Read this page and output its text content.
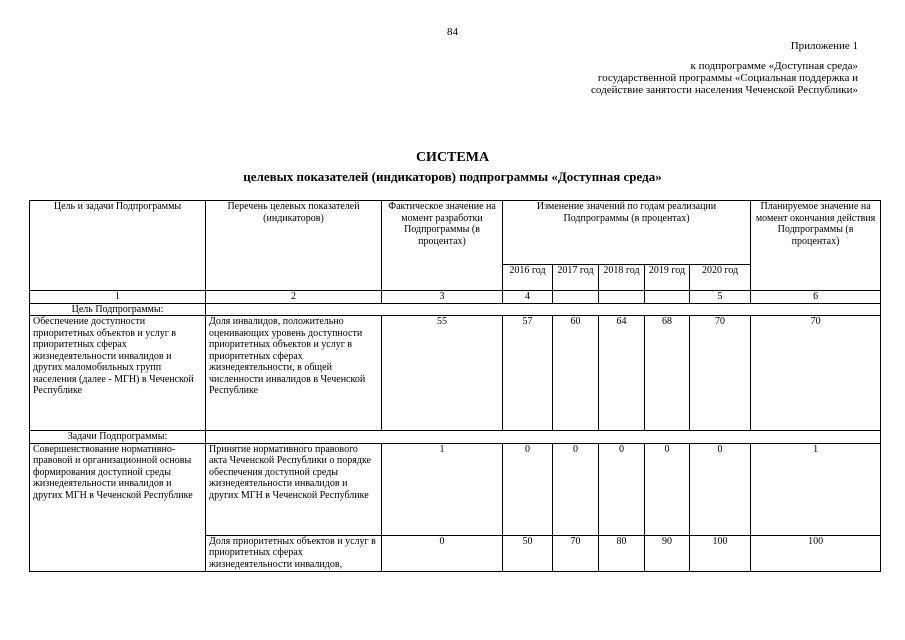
84
Приложение 1
к подпрограмме «Доступная среда»
государственной программы «Социальная поддержка и
содействие занятости населения Чеченской Республики»
СИСТЕМА
целевых показателей (индикаторов) подпрограммы «Доступная среда»
Цель и задачи Подпрограммы	Перечень целевых показателей (индикаторов)	Фактическое значение на момент разработки Подпрограммы (в процентах)	Изменение значений по годам реализации Подпрограммы (в процентах)					Планируемое значение на момент окончания действия Подпрограммы (в процентах)
			2016 год	2017 год	2018 год	2019 год	2020 год	
1	2	3	4				5	6
Цель Подпрограммы:								
Обеспечение доступности приоритетных объектов и услуг в приоритетных сферах жизнедеятельности инвалидов и других маломобильных групп населения (далее - МГН) в Чеченской Республике	Доля инвалидов, положительно оценивающих уровень доступности приоритетных объектов и услуг в приоритетных сферах жизнедеятельности, в общей численности инвалидов в Чеченской Республике	55	57	60	64	68	70	70
Задачи Подпрограммы:								
Совершенствование нормативно-правовой и организационной основы формирования доступной среды жизнедеятельности инвалидов и других МГН в Чеченской Республике	Принятие нормативного правового акта Чеченской Республики о порядке обеспечения доступной среды жизнедеятельности инвалидов и других МГН в Чеченской Республике	1	0	0	0	0	0	1
	Доля приоритетных объектов и услуг в приоритетных сферах жизнедеятельности инвалидов,	0	50	70	80	90	100	100
